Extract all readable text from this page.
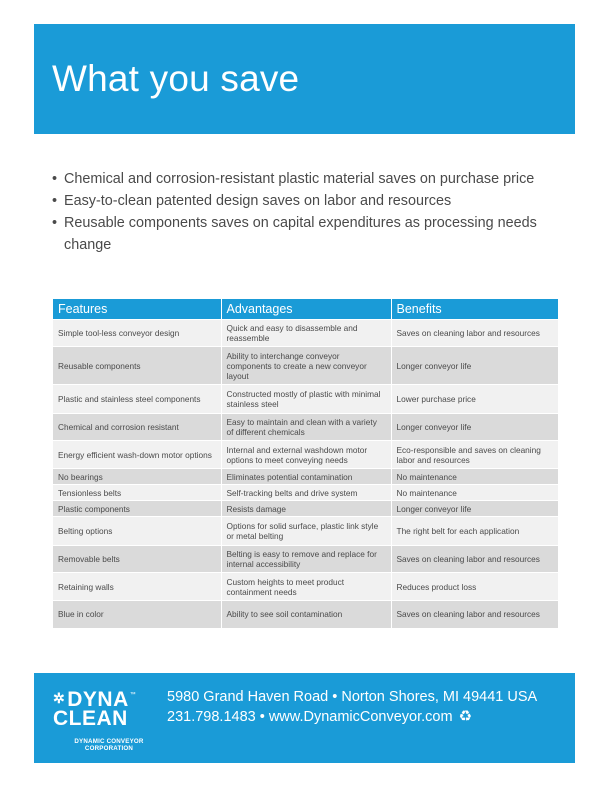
What you save
• Chemical and corrosion-resistant plastic material saves on purchase price
• Easy-to-clean patented design saves on labor and resources
• Reusable components saves on capital expenditures as processing needs change
Features	Advantages	Benefits
Simple tool-less conveyor design	Quick and easy to disassemble and reassemble	Saves on cleaning labor and resources
Reusable components	Ability to interchange conveyor components to create a new conveyor layout	Longer conveyor life
Plastic and stainless steel components	Constructed mostly of plastic with minimal stainless steel	Lower purchase price
Chemical and corrosion resistant	Easy to maintain and clean with a variety of different chemicals	Longer conveyor life
Energy efficient wash-down motor options	Internal and external washdown motor options to meet conveying needs	Eco-responsible and saves on cleaning labor and resources
No bearings	Eliminates potential contamination	No maintenance
Tensionless belts	Self-tracking belts and drive system	No maintenance
Plastic components	Resists damage	Longer conveyor life
Belting options	Options for solid surface, plastic link style or metal belting	The right belt for each application
Removable belts	Belting is easy to remove and replace for internal accessibility	Saves on cleaning labor and resources
Retaining walls	Custom heights to meet product containment needs	Reduces product loss
Blue in color	Ability to see soil contamination	Saves on cleaning labor and resources
✲DYNA™
CLEAN
DYNAMIC CONVEYOR
CORPORATION
5980 Grand Haven Road • Norton Shores, MI 49441 USA
231.798.1483 • www.DynamicConveyor.com ♻
